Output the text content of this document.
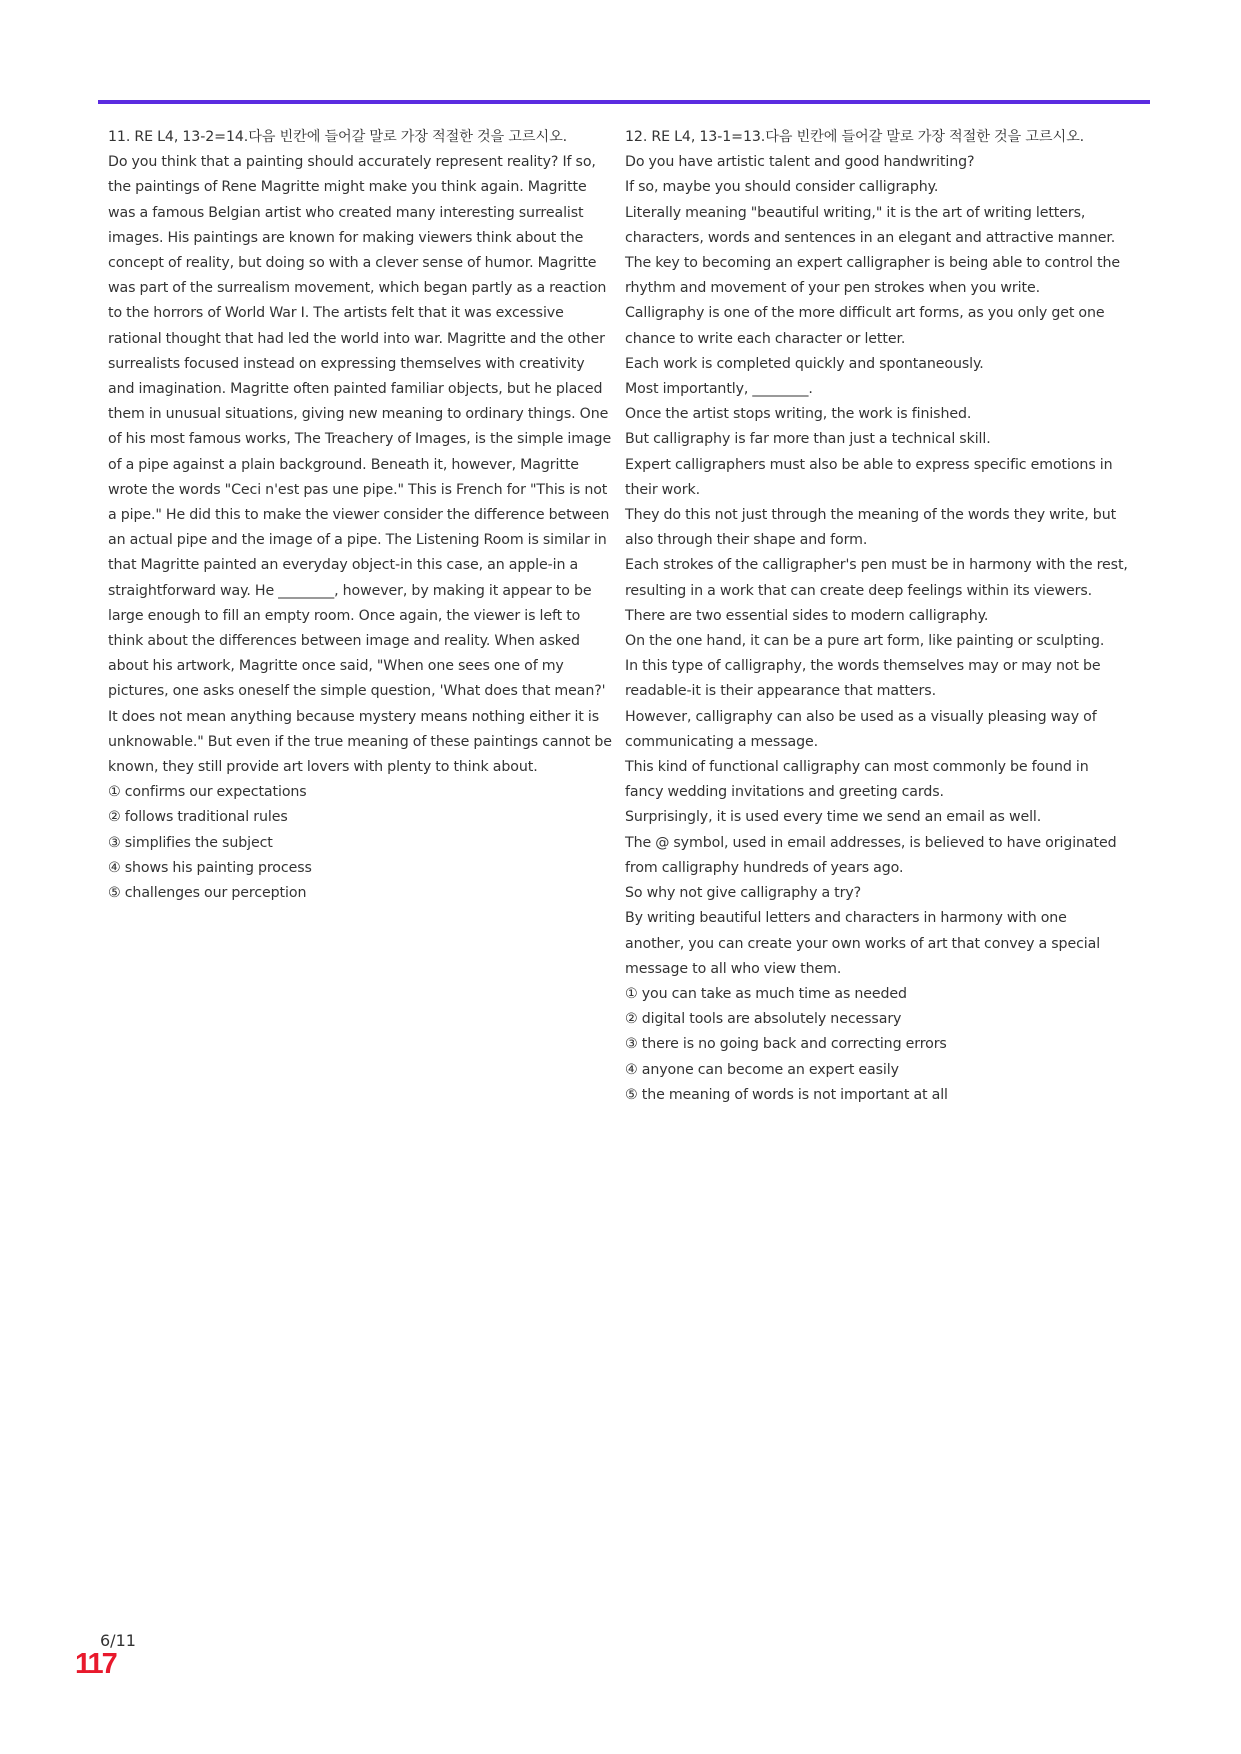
11. RE L4, 13-2=14.다음 빈칸에 들어갈 말로 가장 적절한 것을 고르시오.
Do you think that a painting should accurately represent reality? If so, the paintings of Rene Magritte might make you think again. Magritte was a famous Belgian artist who created many interesting surrealist images. His paintings are known for making viewers think about the concept of reality, but doing so with a clever sense of humor. Magritte was part of the surrealism movement, which began partly as a reaction to the horrors of World War I. The artists felt that it was excessive rational thought that had led the world into war. Magritte and the other surrealists focused instead on expressing themselves with creativity and imagination. Magritte often painted familiar objects, but he placed them in unusual situations, giving new meaning to ordinary things. One of his most famous works, The Treachery of Images, is the simple image of a pipe against a plain background. Beneath it, however, Magritte wrote the words "Ceci n'est pas une pipe." This is French for "This is not a pipe." He did this to make the viewer consider the difference between an actual pipe and the image of a pipe. The Listening Room is similar in that Magritte painted an everyday object-in this case, an apple-in a straightforward way. He ________, however, by making it appear to be large enough to fill an empty room. Once again, the viewer is left to think about the differences between image and reality. When asked about his artwork, Magritte once said, "When one sees one of my pictures, one asks oneself the simple question, 'What does that mean?' It does not mean anything because mystery means nothing either it is unknowable." But even if the true meaning of these paintings cannot be known, they still provide art lovers with plenty to think about.
① confirms our expectations
② follows traditional rules
③ simplifies the subject
④ shows his painting process
⑤ challenges our perception
12. RE L4, 13-1=13.다음 빈칸에 들어갈 말로 가장 적절한 것을 고르시오.
Do you have artistic talent and good handwriting?
If so, maybe you should consider calligraphy.
Literally meaning "beautiful writing," it is the art of writing letters, characters, words and sentences in an elegant and attractive manner.
The key to becoming an expert calligrapher is being able to control the rhythm and movement of your pen strokes when you write.
Calligraphy is one of the more difficult art forms, as you only get one chance to write each character or letter.
Each work is completed quickly and spontaneously.
Most importantly, ________.
Once the artist stops writing, the work is finished.
But calligraphy is far more than just a technical skill.
Expert calligraphers must also be able to express specific emotions in their work.
They do this not just through the meaning of the words they write, but also through their shape and form.
Each strokes of the calligrapher's pen must be in harmony with the rest, resulting in a work that can create deep feelings within its viewers.
There are two essential sides to modern calligraphy.
On the one hand, it can be a pure art form, like painting or sculpting.
In this type of calligraphy, the words themselves may or may not be readable-it is their appearance that matters.
However, calligraphy can also be used as a visually pleasing way of communicating a message.
This kind of functional calligraphy can most commonly be found in fancy wedding invitations and greeting cards.
Surprisingly, it is used every time we send an email as well.
The @ symbol, used in email addresses, is believed to have originated from calligraphy hundreds of years ago.
So why not give calligraphy a try?
By writing beautiful letters and characters in harmony with one another, you can create your own works of art that convey a special message to all who view them.
① you can take as much time as needed
② digital tools are absolutely necessary
③ there is no going back and correcting errors
④ anyone can become an expert easily
⑤ the meaning of words is not important at all
6/11
117
